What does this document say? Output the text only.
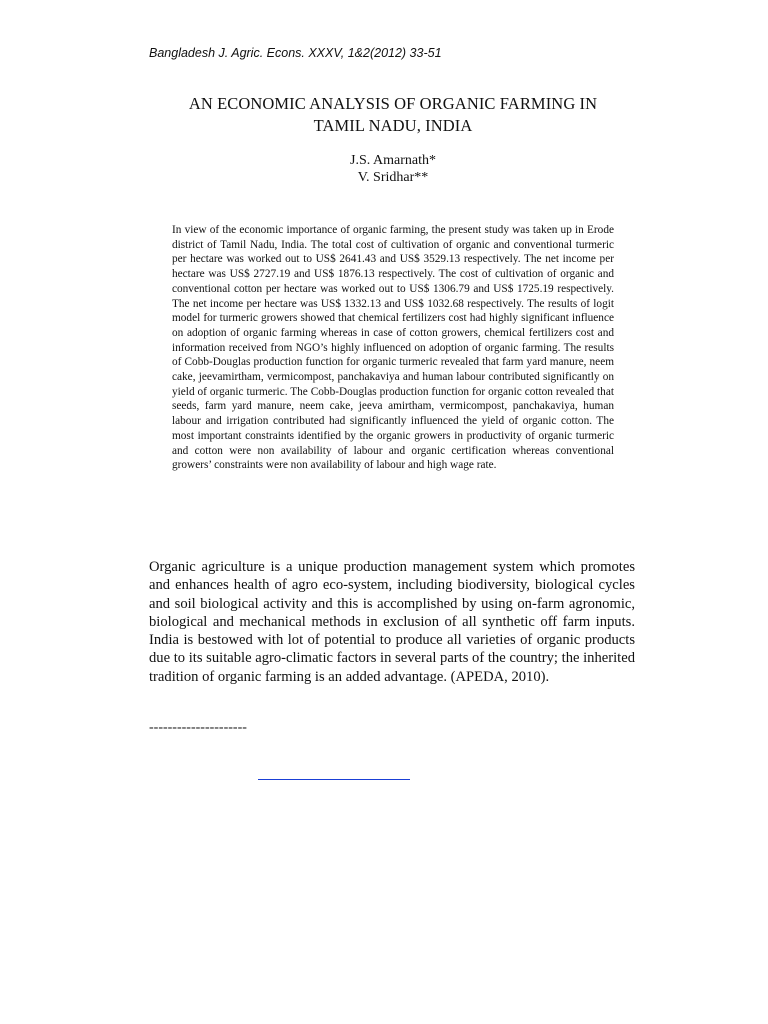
Bangladesh J. Agric. Econs. XXXV, 1&2(2012) 33-51
AN ECONOMIC ANALYSIS OF ORGANIC FARMING IN
TAMIL NADU, INDIA
J.S. Amarnath*
V. Sridhar**
In view of the economic importance of organic farming, the present study was taken up in Erode district of Tamil Nadu, India. The total cost of cultivation of organic and conventional turmeric per hectare was worked out to US$ 2641.43 and US$ 3529.13 respectively. The net income per hectare was US$ 2727.19 and US$ 1876.13 respectively. The cost of cultivation of organic and conventional cotton per hectare was worked out to US$ 1306.79 and US$ 1725.19 respectively. The net income per hectare was US$ 1332.13 and US$ 1032.68 respectively. The results of logit model for turmeric growers showed that chemical fertilizers cost had highly significant influence on adoption of organic farming whereas in case of cotton growers, chemical fertilizers cost and information received from NGO’s highly influenced on adoption of organic farming. The results of Cobb-Douglas production function for organic turmeric revealed that farm yard manure, neem cake, jeevamirtham, vermicompost, panchakaviya and human labour contributed significantly on yield of organic turmeric. The Cobb-Douglas production function for organic cotton revealed that seeds, farm yard manure, neem cake, jeeva amirtham, vermicompost, panchakaviya, human labour and irrigation contributed had significantly influenced the yield of organic cotton. The most important constraints identified by the organic growers in productivity of organic turmeric and cotton were non availability of labour and organic certification whereas conventional growers’ constraints were non availability of labour and high wage rate.
Organic agriculture is a unique production management system which promotes and enhances health of agro eco-system, including biodiversity, biological cycles and soil biological activity and this is accomplished by using on-farm agronomic, biological and mechanical methods in exclusion of all synthetic off farm inputs. India is bestowed with lot of potential to produce all varieties of organic products due to its suitable agro-climatic factors in several parts of the country; the inherited tradition of organic farming is an added advantage. (APEDA, 2010).
---------------------
